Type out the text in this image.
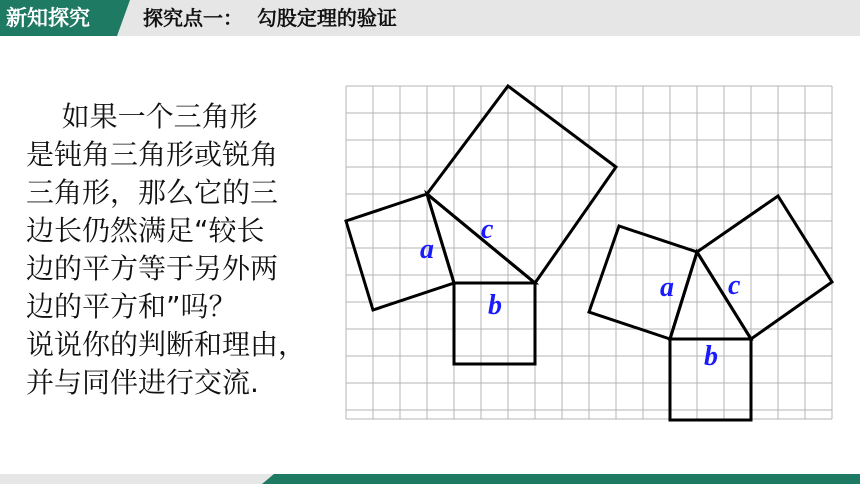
新知探究	探究点一：  勾股定理的验证
如果一个三角形
是钝角三角形或锐角
三角形，那么它的三
边长仍然满足“较长
边的平方等于另外两
边的平方和”吗？
说说你的判断和理由，
并与同伴进行交流.
a
c
b
a c
b
